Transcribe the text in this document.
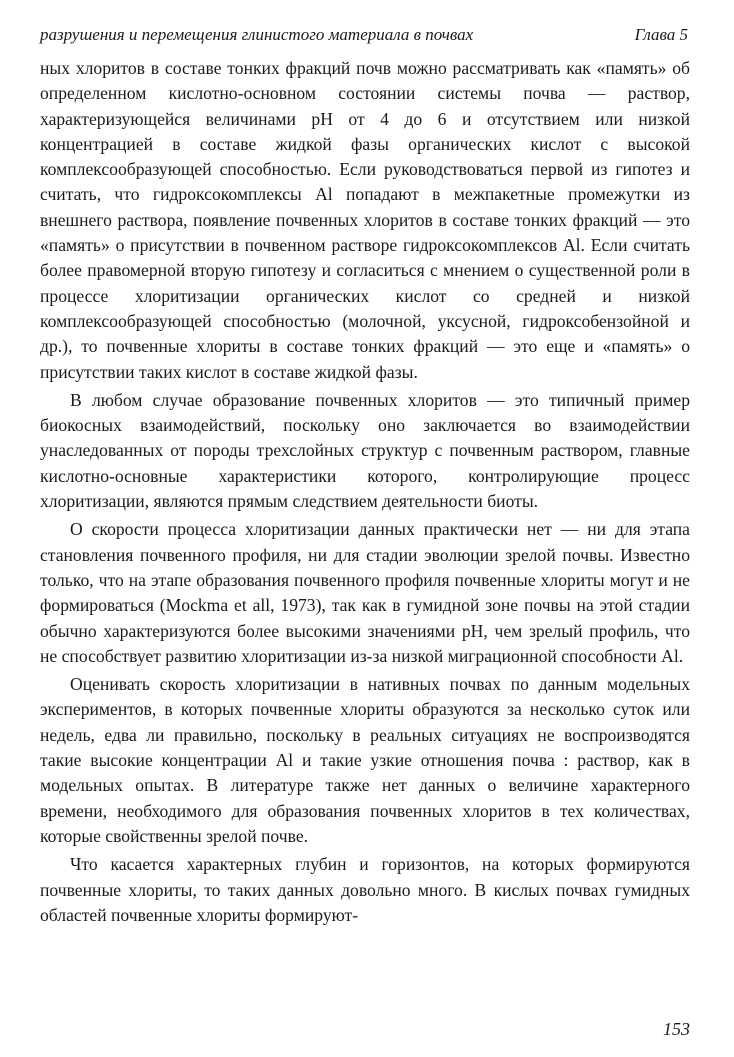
разрушения и перемещения глинистого материала в почвах	Глава 5

ных хлоритов в составе тонких фракций почв можно рассматривать как «память» об определенном кислотно-основном состоянии системы почва — раствор, характеризующейся величинами pH от 4 до 6 и отсутствием или низкой концентрацией в составе жидкой фазы органических кислот с высокой комплексообразующей способностью. Если руководствоваться первой из гипотез и считать, что гидроксокомплексы Al попадают в межпакетные промежутки из внешнего раствора, появление почвенных хлоритов в составе тонких фракций — это «память» о присутствии в почвенном растворе гидроксокомплексов Al. Если считать более правомерной вторую гипотезу и согласиться с мнением о существенной роли в процессе хлоритизации органических кислот со средней и низкой комплексообразующей способностью (молочной, уксусной, гидроксобензойной и др.), то почвенные хлориты в составе тонких фракций — это еще и «память» о присутствии таких кислот в составе жидкой фазы.

В любом случае образование почвенных хлоритов — это типичный пример биокосных взаимодействий, поскольку оно заключается во взаимодействии унаследованных от породы трехслойных структур с почвенным раствором, главные кислотно-основные характеристики которого, контролирующие процесс хлоритизации, являются прямым следствием деятельности биоты.

О скорости процесса хлоритизации данных практически нет — ни для этапа становления почвенного профиля, ни для стадии эволюции зрелой почвы. Известно только, что на этапе образования почвенного профиля почвенные хлориты могут и не формироваться (Mockma et all, 1973), так как в гумидной зоне почвы на этой стадии обычно характеризуются более высокими значениями pH, чем зрелый профиль, что не способствует развитию хлоритизации из-за низкой миграционной способности Al.

Оценивать скорость хлоритизации в нативных почвах по данным модельных экспериментов, в которых почвенные хлориты образуются за несколько суток или недель, едва ли правильно, поскольку в реальных ситуациях не воспроизводятся такие высокие концентрации Al и такие узкие отношения почва : раствор, как в модельных опытах. В литературе также нет данных о величине характерного времени, необходимого для образования почвенных хлоритов в тех количествах, которые свойственны зрелой почве.

Что касается характерных глубин и горизонтов, на которых формируются почвенные хлориты, то таких данных довольно много. В кислых почвах гумидных областей почвенные хлориты формируют-

153
